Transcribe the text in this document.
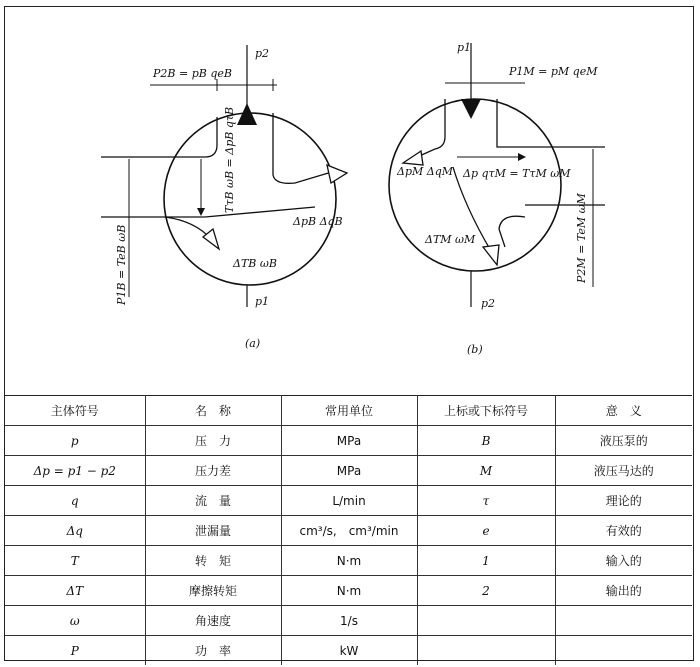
p2
p1
P2B = pB qeB
P1B = TeB ωB
TτB ωB = ΔpB qτB
ΔpB ΔqB
ΔTB ωB
(a)
p1
p2
P1M = pM qeM
Δp qτM = TτM ωM
ΔpM ΔqM
ΔTM ωM	P2M = TeM ωM
(b)
主体符号	名　称	常用单位	上标或下标符号	意　义
p	压　力	MPa	B	液压泵的
Δp = p1 − p2	压力差	MPa	M	液压马达的
q	流　量	L/min	τ	理论的
Δq	泄漏量	cm³/s,　cm³/min	e	有效的
T	转　矩	N·m	1	输入的
ΔT	摩擦转矩	N·m	2	输出的
ω	角速度	1/s		
P	功　率	kW		
